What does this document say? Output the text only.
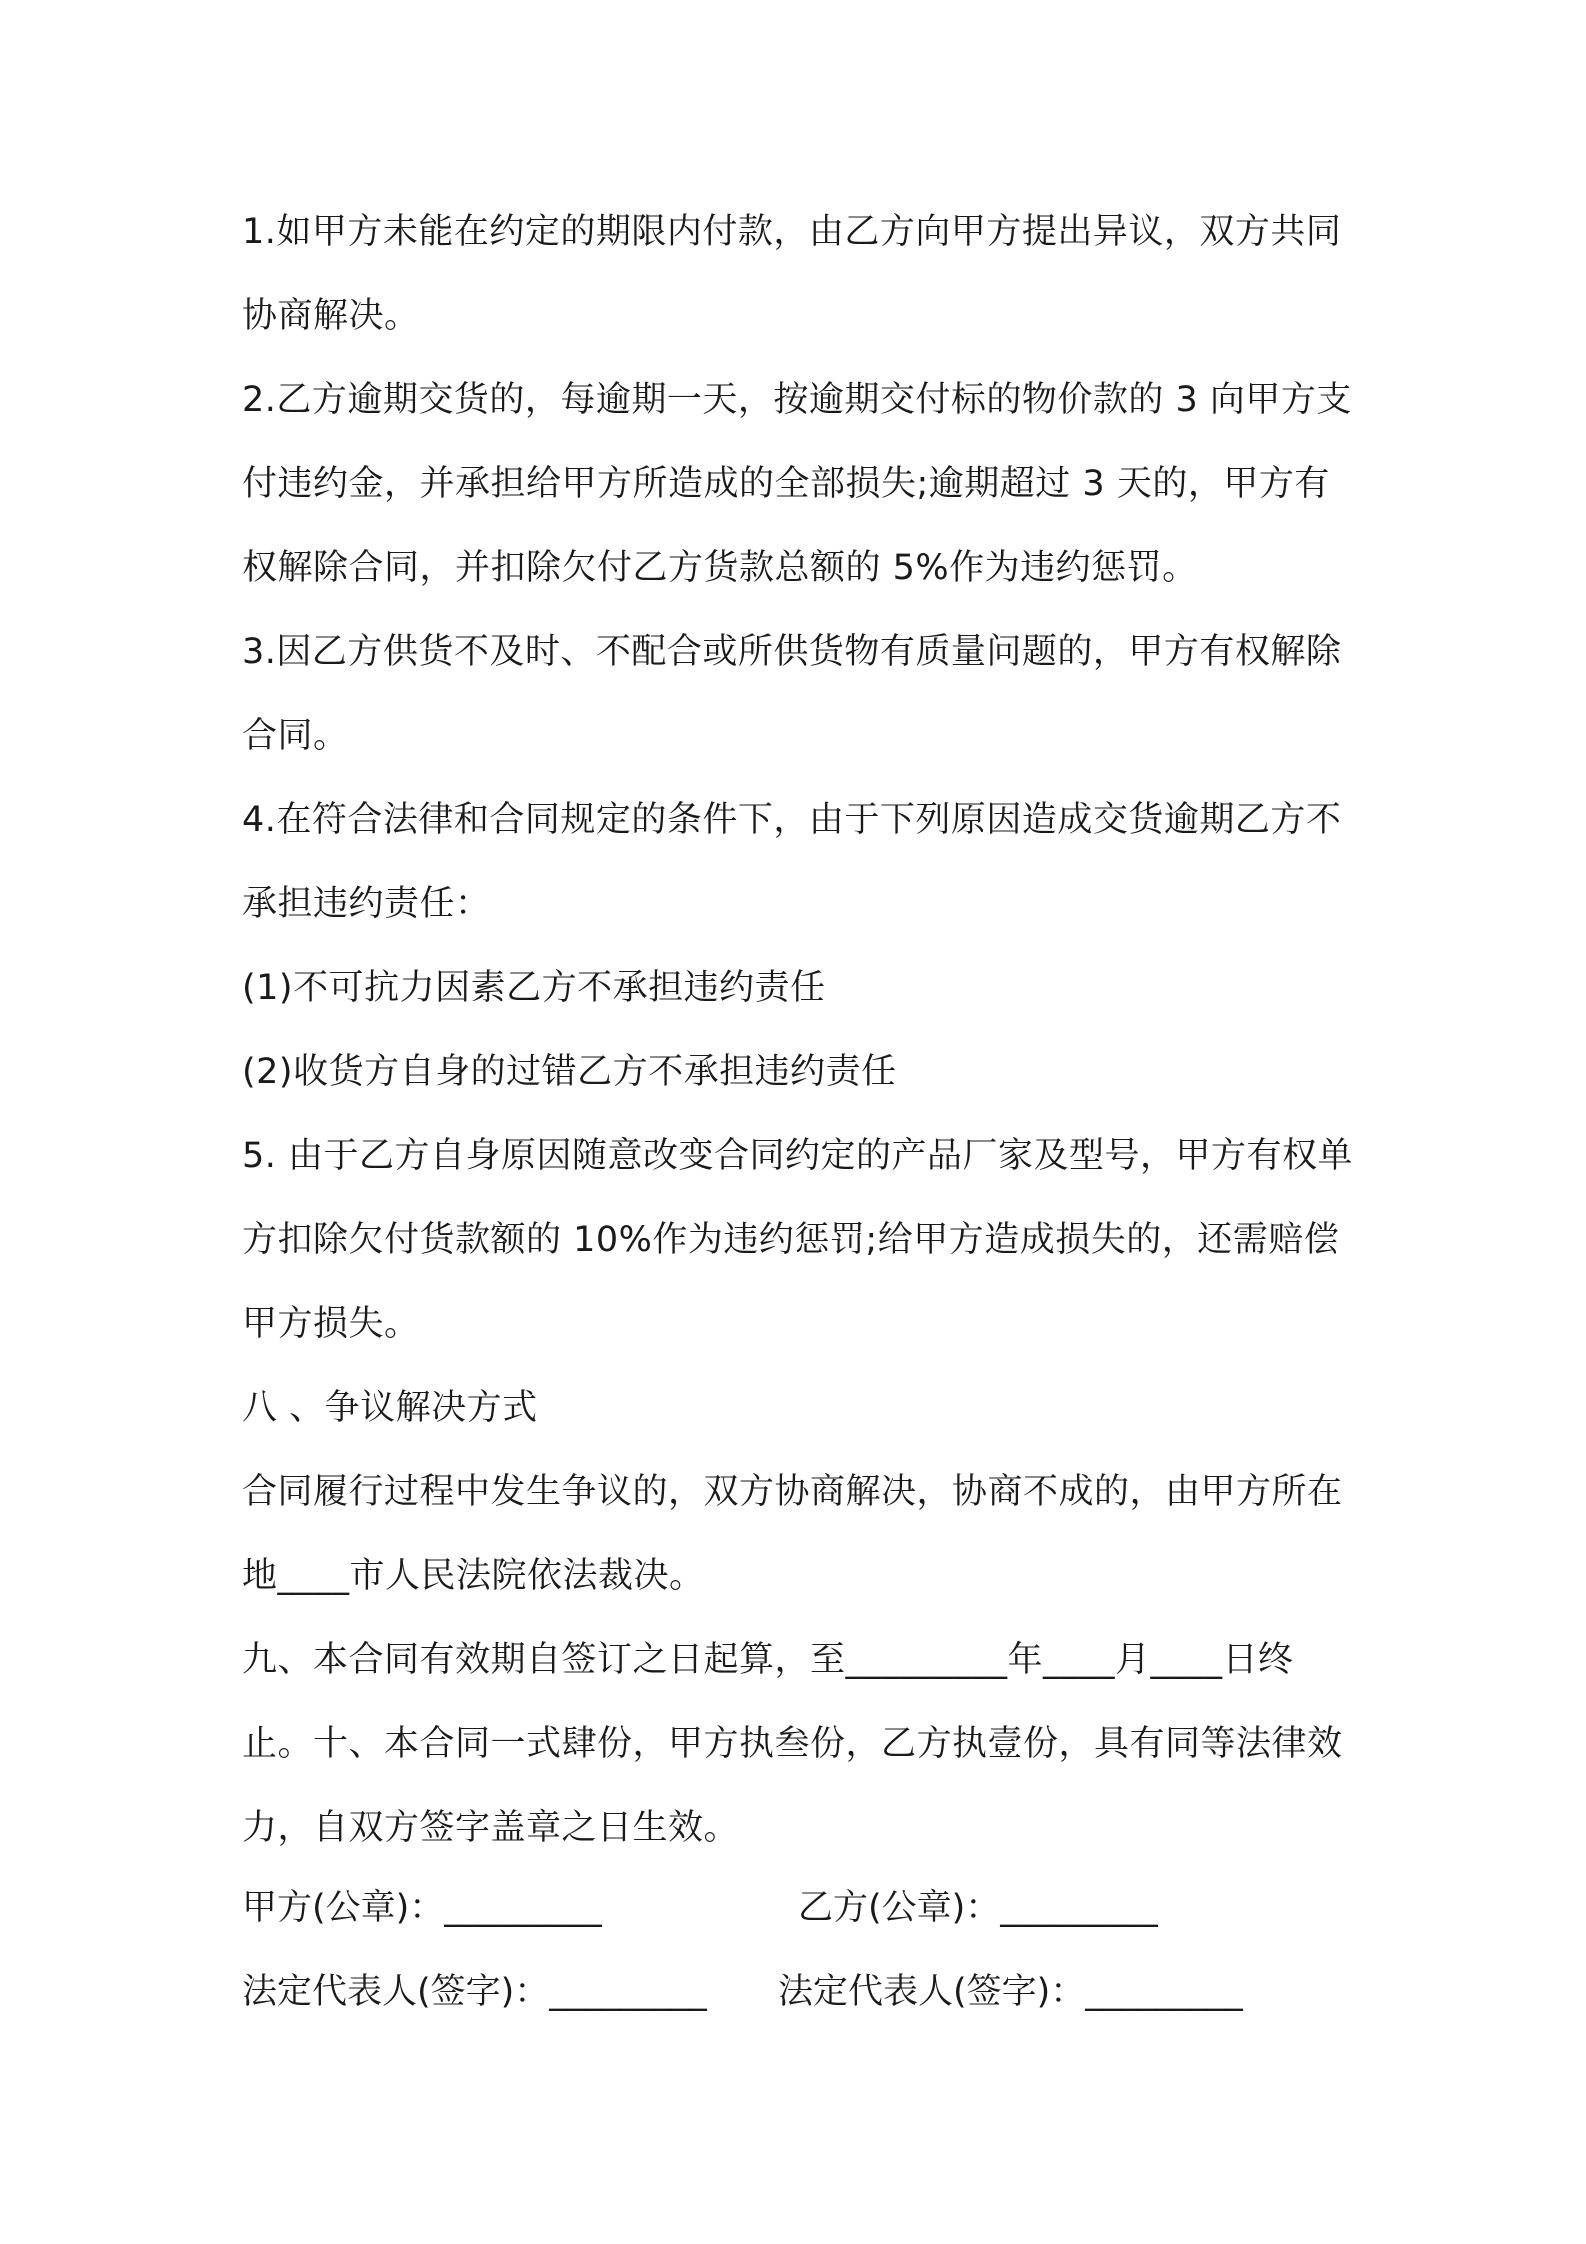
1.如甲方未能在约定的期限内付款，由乙方向甲方提出异议，双方共同协商解决。

2.乙方逾期交货的，每逾期一天，按逾期交付标的物价款的 3 向甲方支付违约金，并承担给甲方所造成的全部损失;逾期超过 3 天的，甲方有权解除合同，并扣除欠付乙方货款总额的 5%作为违约惩罚。

3.因乙方供货不及时、不配合或所供货物有质量问题的，甲方有权解除合同。

4.在符合法律和合同规定的条件下，由于下列原因造成交货逾期乙方不承担违约责任：

(1)不可抗力因素乙方不承担违约责任

(2)收货方自身的过错乙方不承担违约责任

5. 由于乙方自身原因随意改变合同约定的产品厂家及型号，甲方有权单方扣除欠付货款额的 10%作为违约惩罚;给甲方造成损失的，还需赔偿甲方损失。

八 、争议解决方式

合同履行过程中发生争议的，双方协商解决，协商不成的，由甲方所在地____市人民法院依法裁决。

九、本合同有效期自签订之日起算，至_________年____月____日终止。十、本合同一式肆份，甲方执叁份，乙方执壹份，具有同等法律效力，自双方签字盖章之日生效。

甲方(公章)：_________	乙方(公章)：_________
法定代表人(签字)：_________ 法定代表人(签字)：_________
